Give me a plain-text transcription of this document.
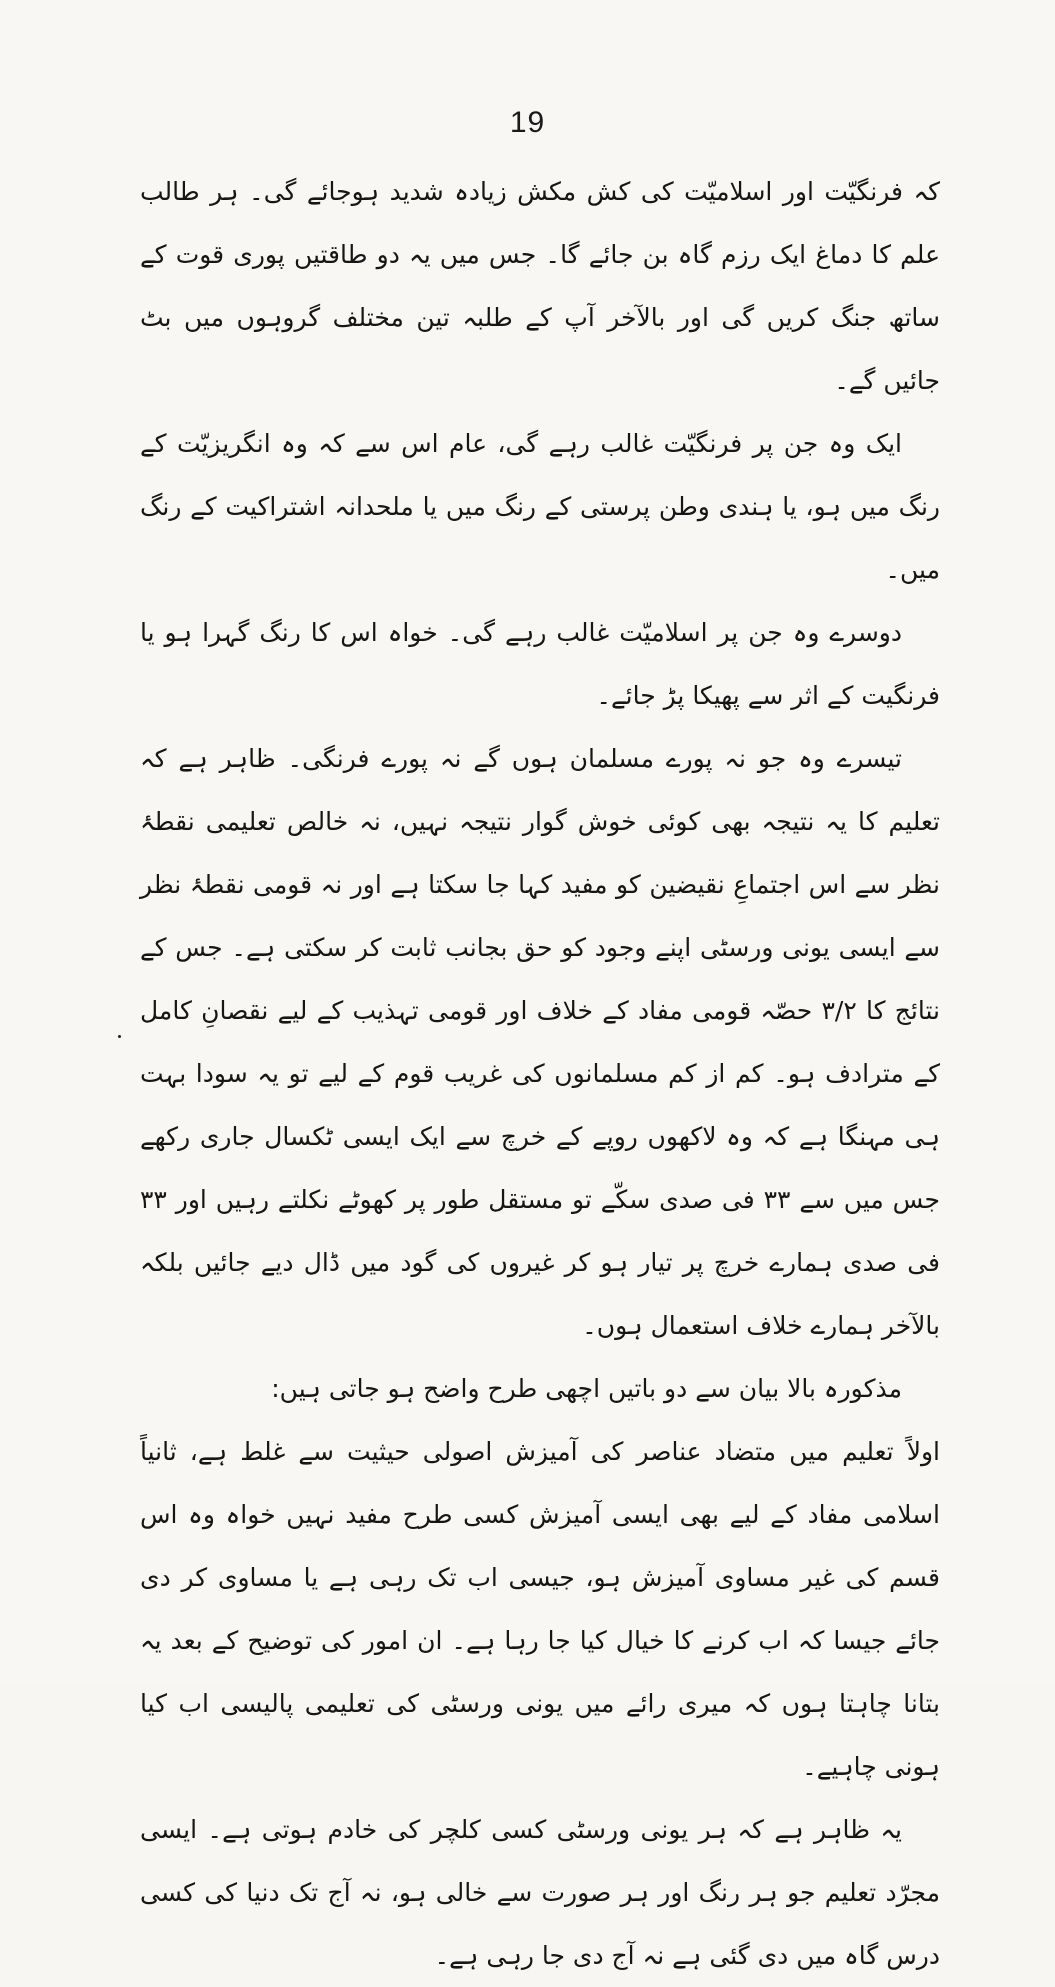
19

کہ فرنگیّت اور اسلامیّت کی کش مکش زیادہ شدید ہوجائے گی۔ ہر طالب علم کا دماغ ایک رزم گاہ بن جائے گا۔ جس میں یہ دو طاقتیں پوری قوت کے ساتھ جنگ کریں گی اور بالآخر آپ کے طلبہ تین مختلف گروہوں میں بٹ جائیں گے۔

ایک وہ جن پر فرنگیّت غالب رہے گی، عام اس سے کہ وہ انگریزیّت کے رنگ میں ہو، یا ہندی وطن پرستی کے رنگ میں یا ملحدانہ اشتراکیت کے رنگ میں۔

دوسرے وہ جن پر اسلامیّت غالب رہے گی۔ خواہ اس کا رنگ گہرا ہو یا فرنگیت کے اثر سے پھیکا پڑ جائے۔

تیسرے وہ جو نہ پورے مسلمان ہوں گے نہ پورے فرنگی۔ ظاہر ہے کہ تعلیم کا یہ نتیجہ بھی کوئی خوش گوار نتیجہ نہیں، نہ خالص تعلیمی نقطۂ نظر سے اس اجتماعِ نقیضین کو مفید کہا جا سکتا ہے اور نہ قومی نقطۂ نظر سے ایسی یونی ورسٹی اپنے وجود کو حق بجانب ثابت کر سکتی ہے۔ جس کے نتائج کا ۳/۲ حصّہ قومی مفاد کے خلاف اور قومی تہذیب کے لیے نقصانِ کامل کے مترادف ہو۔ کم از کم مسلمانوں کی غریب قوم کے لیے تو یہ سودا بہت ہی مہنگا ہے کہ وہ لاکھوں روپے کے خرچ سے ایک ایسی ٹکسال جاری رکھے جس میں سے ۳۳ فی صدی سکّے تو مستقل طور پر کھوٹے نکلتے رہیں اور ۳۳ فی صدی ہمارے خرچ پر تیار ہو کر غیروں کی گود میں ڈال دیے جائیں بلکہ بالآخر ہمارے خلاف استعمال ہوں۔

مذکورہ بالا بیان سے دو باتیں اچھی طرح واضح ہو جاتی ہیں:

اولاً تعلیم میں متضاد عناصر کی آمیزش اصولی حیثیت سے غلط ہے، ثانیاً اسلامی مفاد کے لیے بھی ایسی آمیزش کسی طرح مفید نہیں خواہ وہ اس قسم کی غیر مساوی آمیزش ہو، جیسی اب تک رہی ہے یا مساوی کر دی جائے جیسا کہ اب کرنے کا خیال کیا جا رہا ہے۔ ان امور کی توضیح کے بعد یہ بتانا چاہتا ہوں کہ میری رائے میں یونی ورسٹی کی تعلیمی پالیسی اب کیا ہونی چاہیے۔

یہ ظاہر ہے کہ ہر یونی ورسٹی کسی کلچر کی خادم ہوتی ہے۔ ایسی مجرّد تعلیم جو ہر رنگ اور ہر صورت سے خالی ہو، نہ آج تک دنیا کی کسی درس گاہ میں دی گئی ہے نہ آج دی جا رہی ہے۔
